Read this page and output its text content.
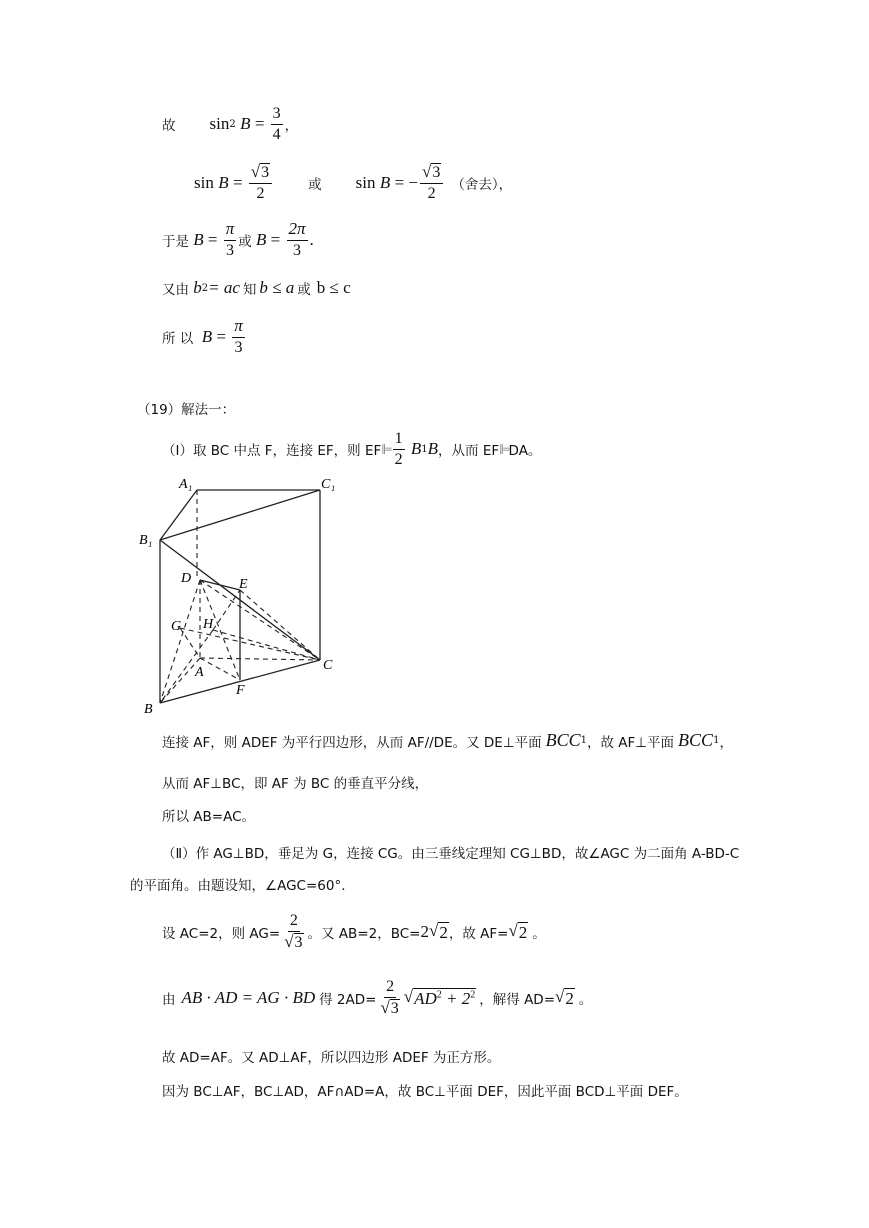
故 sin 2
$B = \frac{3}{4}$ ，
sin
$B = \frac{√ 3}{2}$	或 sin
B = − $\frac{√ 3}{2}$ （舍去），
于是 $B = \frac{\pi}{3}$ 或 $B = \frac{2\pi}{3}$ .
又由 b 2 = ac 知 b ≤ a 或 b ≤ c
所 以 $B = \frac{\pi}{3}$
（19）解法一：
（Ⅰ）取 BC 中点 F，连接 EF，则 EF ∥= $\frac{1}{2}$ B 1 B ，从而 EF ∥= DA。
A₁	C₁
B₁
D	E
G H
A
F
C
B
连接 AF，则 ADEF 为平行四边形，从而 AF//DE。又 DE⊥平面 BCC 1 ，故 AF⊥平面 BCC 1 ，
从而 AF⊥BC，即 AF 为 BC 的垂直平分线，
所以 AB=AC。
（Ⅱ）作 AG⊥BD，垂足为 G，连接 CG。由三垂线定理知 CG⊥BD，故∠AGC 为二面角 A-BD-C
的平面角。由题设知，∠AGC=60°.
设 AC=2，则 $AG= \frac{2}{√ 3}$ 。又 AB=2，BC= 2 √ 2 ，故 AF= √ 2 。
由 AB · AD = AG · BD 得 $2AD= \frac{2}{√ 3}$ √ $AD^2 + 2^2$ ，解得 AD= √ 2 。
故 AD=AF。又 AD⊥AF，所以四边形 ADEF 为正方形。
因为 BC⊥AF，BC⊥AD，AF∩AD=A，故 BC⊥平面 DEF，因此平面 BCD⊥平面 DEF。
